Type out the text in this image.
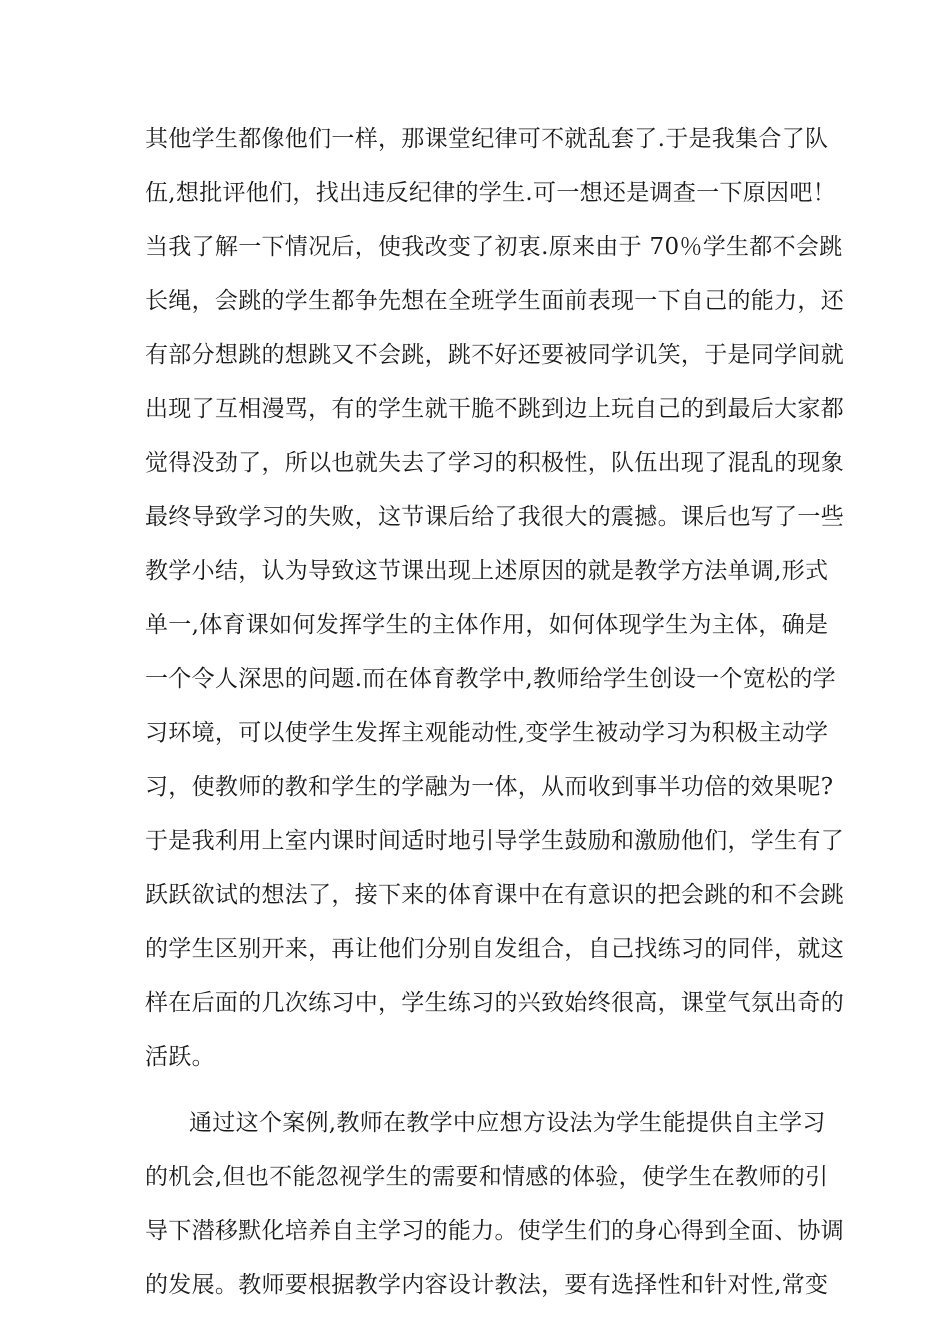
其他学生都像他们一样，那课堂纪律可不就乱套了.于是我集合了队
伍,想批评他们，找出违反纪律的学生.可一想还是调查一下原因吧！
当我了解一下情况后，使我改变了初衷.原来由于 70％学生都不会跳
长绳，会跳的学生都争先想在全班学生面前表现一下自己的能力，还
有部分想跳的想跳又不会跳，跳不好还要被同学讥笑，于是同学间就
出现了互相漫骂，有的学生就干脆不跳到边上玩自己的到最后大家都
觉得没劲了，所以也就失去了学习的积极性，队伍出现了混乱的现象
最终导致学习的失败，这节课后给了我很大的震撼。课后也写了一些
教学小结，认为导致这节课出现上述原因的就是教学方法单调,形式
单一,体育课如何发挥学生的主体作用，如何体现学生为主体，确是
一个令人深思的问题.而在体育教学中,教师给学生创设一个宽松的学
习环境，可以使学生发挥主观能动性,变学生被动学习为积极主动学
习，使教师的教和学生的学融为一体，从而收到事半功倍的效果呢?
于是我利用上室内课时间适时地引导学生鼓励和激励他们，学生有了
跃跃欲试的想法了，接下来的体育课中在有意识的把会跳的和不会跳
的学生区别开来，再让他们分别自发组合，自己找练习的同伴，就这
样在后面的几次练习中，学生练习的兴致始终很高，课堂气氛出奇的
活跃。
通过这个案例,教师在教学中应想方设法为学生能提供自主学习
的机会,但也不能忽视学生的需要和情感的体验，使学生在教师的引
导下潜移默化培养自主学习的能力。使学生们的身心得到全面、协调
的发展。教师要根据教学内容设计教法，要有选择性和针对性,常变
